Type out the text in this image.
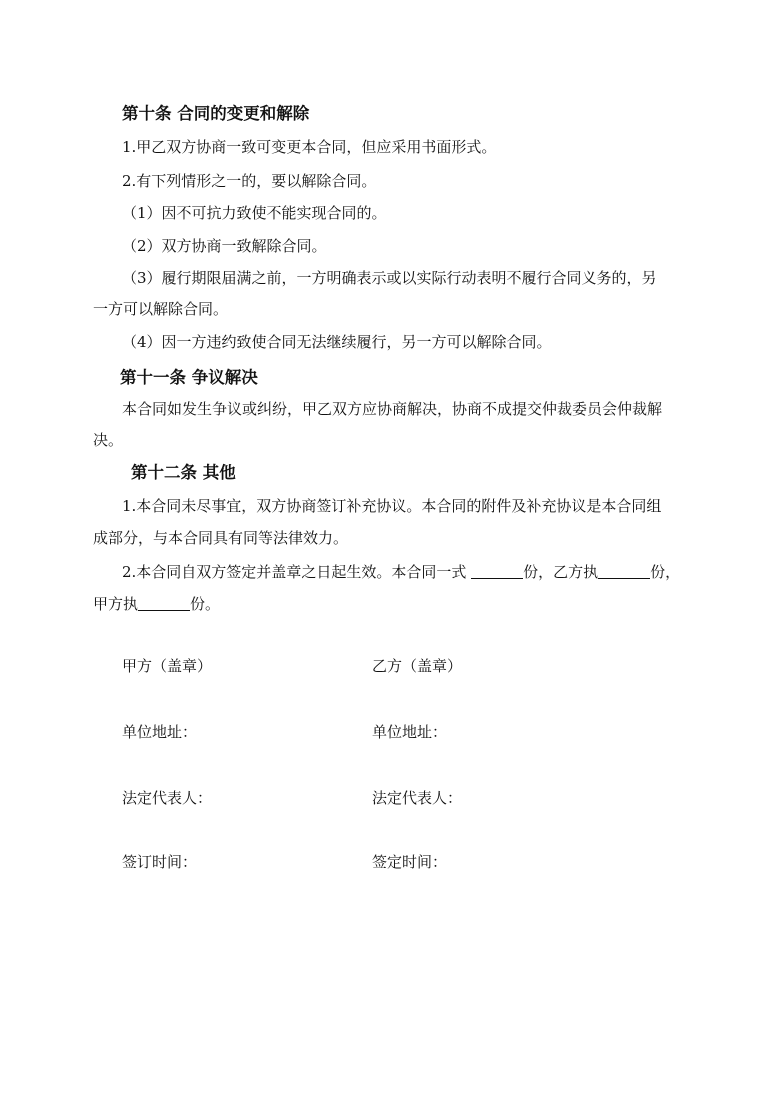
第十条 合同的变更和解除
1.甲乙双方协商一致可变更本合同，但应采用书面形式。
2.有下列情形之一的，要以解除合同。
（1）因不可抗力致使不能实现合同的。
（2）双方协商一致解除合同。
（3）履行期限届满之前，一方明确表示或以实际行动表明不履行合同义务的，另
一方可以解除合同。
（4）因一方违约致使合同无法继续履行，另一方可以解除合同。
第十一条 争议解决
本合同如发生争议或纠纷，甲乙双方应协商解决，协商不成提交仲裁委员会仲裁解
决。
第十二条 其他
1.本合同未尽事宜，双方协商签订补充协议。本合同的附件及补充协议是本合同组
成部分，与本合同具有同等法律效力。
2.本合同自双方签定并盖章之日起生效。本合同一式	份，乙方执	份，
甲方执	份。
甲方（盖章）	乙方（盖章）
单位地址：	单位地址：
法定代表人：	法定代表人：
签订时间：	签定时间：
